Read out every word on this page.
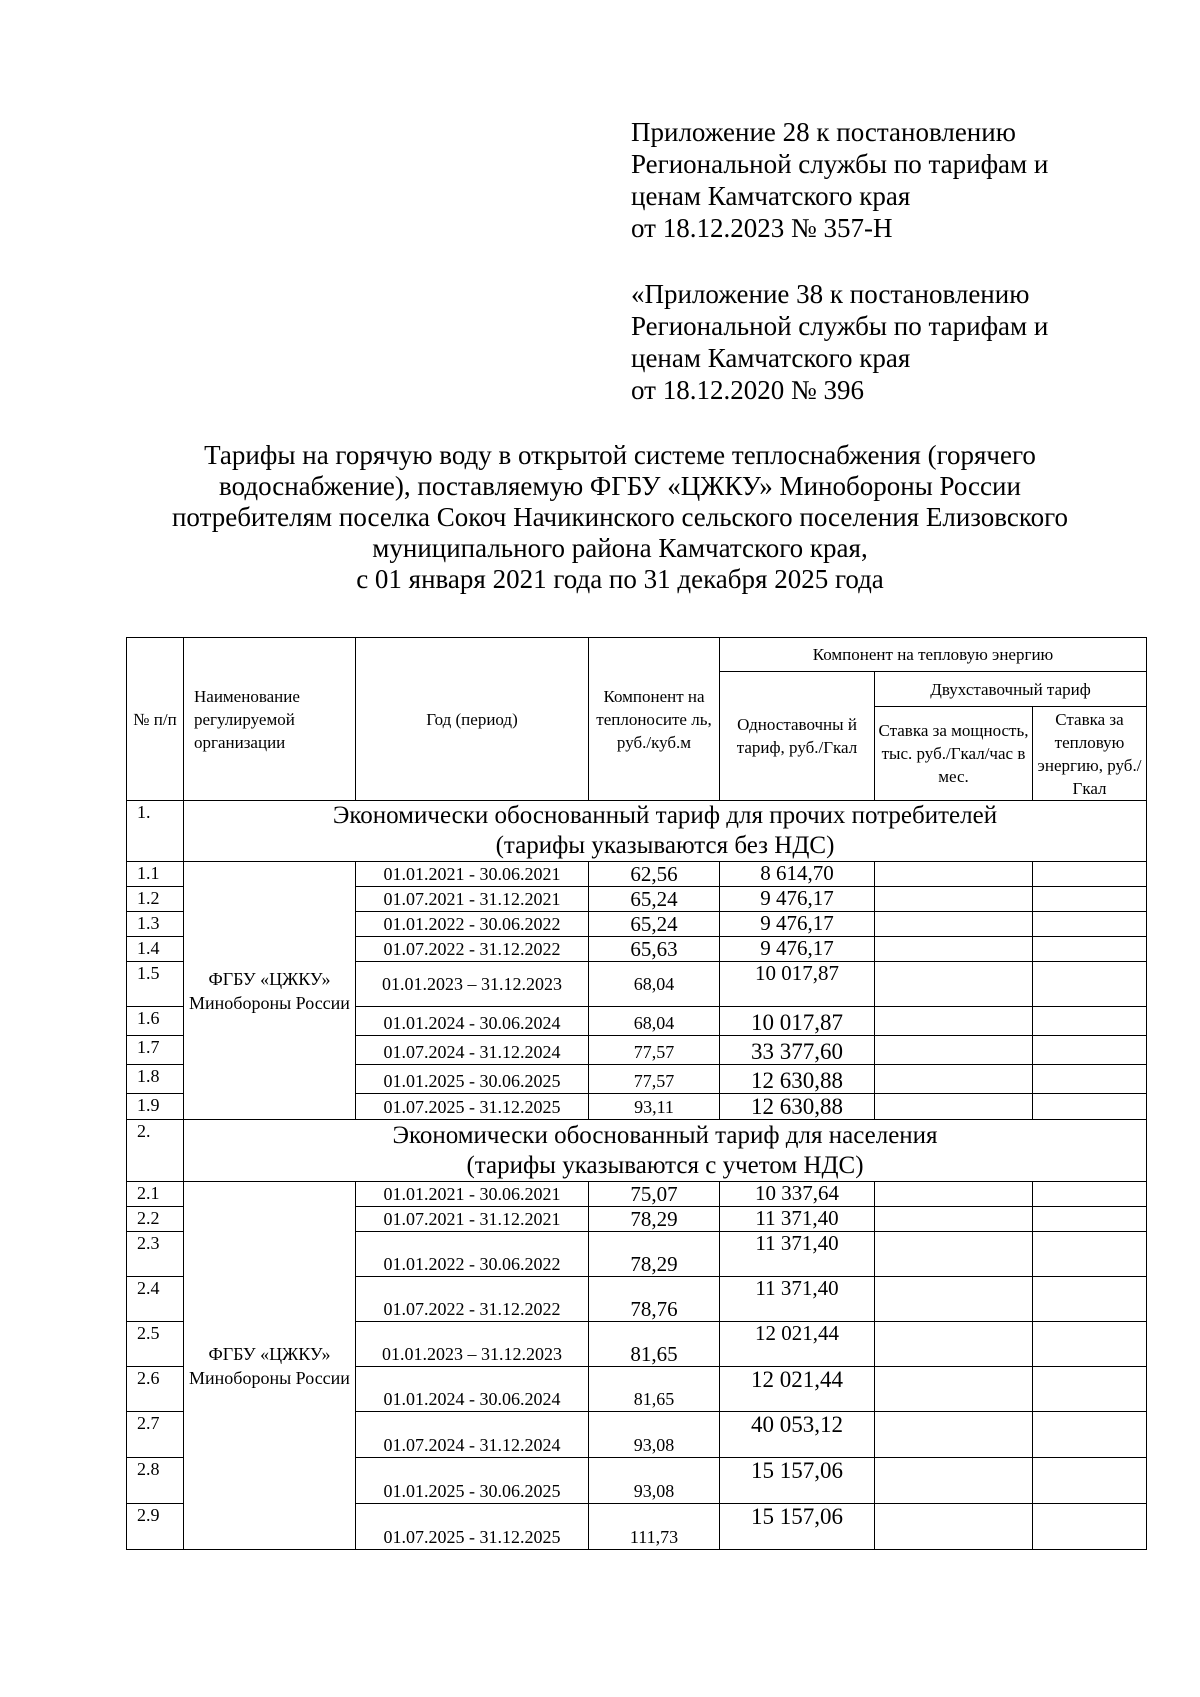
Приложение 28 к постановлению
Региональной службы по тарифам и
ценам Камчатского края
от 18.12.2023 № 357-Н
«Приложение 38 к постановлению
Региональной службы по тарифам и
ценам Камчатского края
от 18.12.2020 № 396
Тарифы на горячую воду в открытой системе теплоснабжения (горячего
водоснабжение), поставляемую ФГБУ «ЦЖКУ» Минобороны России
потребителям поселка Сокоч Начикинского сельского поселения Елизовского
муниципального района Камчатского края,
с 01 января 2021 года по 31 декабря 2025 года
№ п/п	Наименование регулируемой организации	Год (период)	Компонент на теплоносите ль, руб./куб.м	Компонент на тепловую энергию		
				Одноставочны й тариф, руб./Гкал	Двухставочный тариф	
					Ставка за мощность, тыс. руб./Гкал/час в мес.	Ставка за тепловую энергию, руб./Гкал
1.	Экономически обоснованный тариф для прочих потребителей
(тарифы указываются без НДС)					

1.1	ФГБУ «ЦЖКУ» Минобороны России	01.01.2021 - 30.06.2021	62,56	8 614,70		
1.2		01.07.2021 - 31.12.2021	65,24	9 476,17		
1.3		01.01.2022 - 30.06.2022	65,24	9 476,17		
1.4		01.07.2022 - 31.12.2022	65,63	9 476,17		
1.5		01.01.2023 – 31.12.2023	68,04	10 017,87		
1.6		01.01.2024 - 30.06.2024	68,04	10 017,87		
1.7		01.07.2024 - 31.12.2024	77,57	33 377,60		
1.8		01.01.2025 - 30.06.2025	77,57	12 630,88		
1.9		01.07.2025 - 31.12.2025	93,11	12 630,88		
2.	Экономически обоснованный тариф для населения
(тарифы указываются с учетом НДС)					

2.1	ФГБУ «ЦЖКУ» Минобороны России	01.01.2021 - 30.06.2021	75,07	10 337,64		
2.2		01.07.2021 - 31.12.2021	78,29	11 371,40		
2.3		01.01.2022 - 30.06.2022	78,29	11 371,40		
2.4		01.07.2022 - 31.12.2022	78,76	11 371,40		
2.5		01.01.2023 – 31.12.2023	81,65	12 021,44		
2.6		01.01.2024 - 30.06.2024	81,65	12 021,44		
2.7		01.07.2024 - 31.12.2024	93,08	40 053,12		
2.8		01.01.2025 - 30.06.2025	93,08	15 157,06		
2.9		01.07.2025 - 31.12.2025	111,73	15 157,06		
